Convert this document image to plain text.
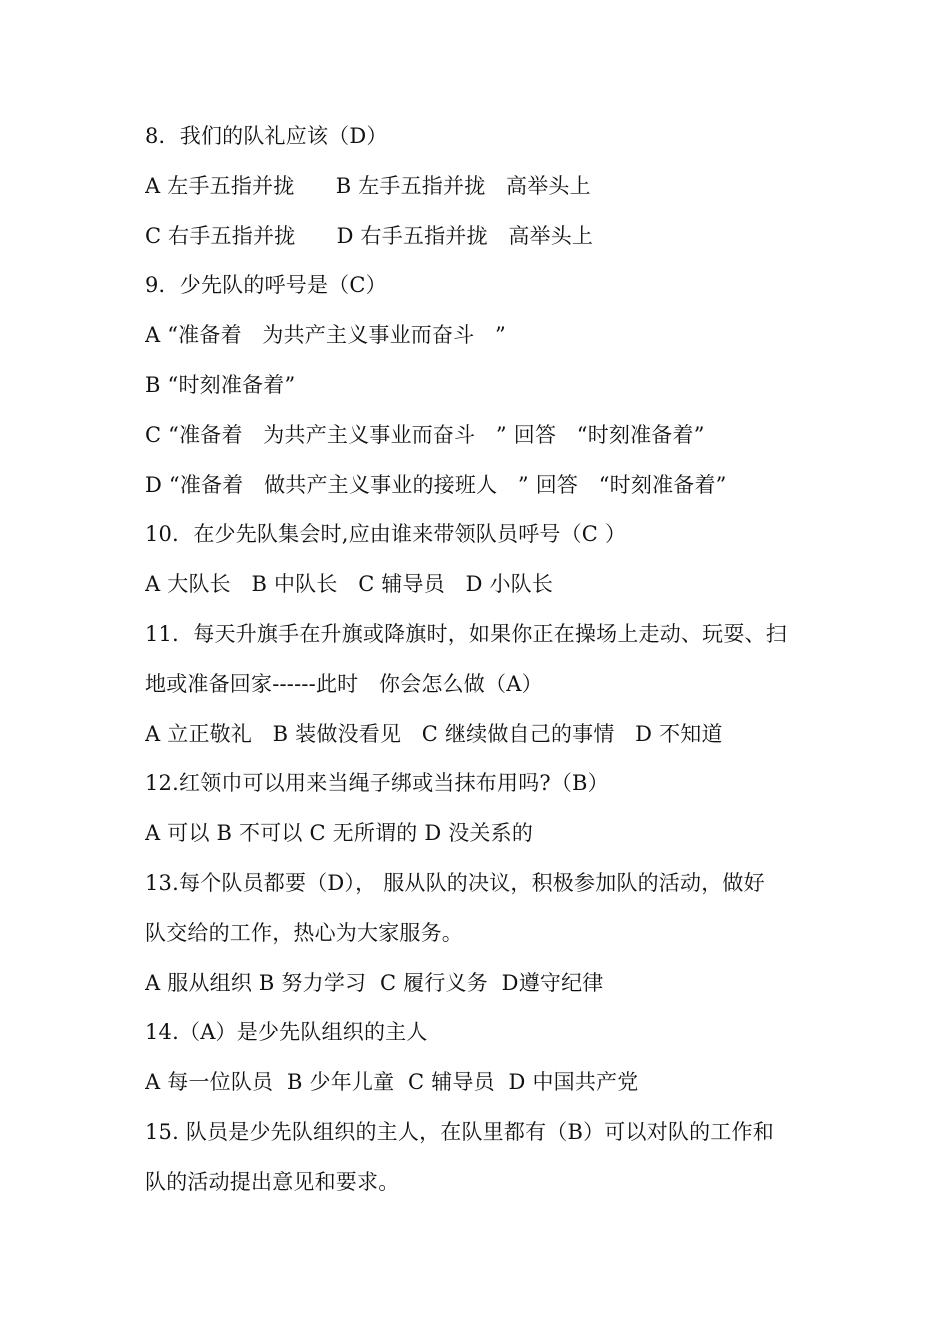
8．我们的队礼应该（D）
A 左手五指并拢      B 左手五指并拢   高举头上
C 右手五指并拢      D 右手五指并拢   高举头上
9．少先队的呼号是（C）
A “准备着   为共产主义事业而奋斗   ”
B “时刻准备着”
C “准备着   为共产主义事业而奋斗   ” 回答   “时刻准备着”
D “准备着   做共产主义事业的接班人   ” 回答   “时刻准备着”
10．在少先队集会时,应由谁来带领队员呼号（C ）
A 大队长   B 中队长   C 辅导员   D 小队长
11．每天升旗手在升旗或降旗时，如果你正在操场上走动、玩耍、扫
地或准备回家------此时   你会怎么做（A）
A 立正敬礼   B 装做没看见   C 继续做自己的事情   D 不知道
12.红领巾可以用来当绳子绑或当抹布用吗?（B）
A 可以 B 不可以 C 无所谓的 D 没关系的
13.每个队员都要（D）， 服从队的决议，积极参加队的活动，做好
队交给的工作，热心为大家服务。
A 服从组织 B 努力学习  C 履行义务  D遵守纪律
14.（A）是少先队组织的主人
A 每一位队员  B 少年儿童  C 辅导员  D 中国共产党
15. 队员是少先队组织的主人，在队里都有（B）可以对队的工作和
队的活动提出意见和要求。
